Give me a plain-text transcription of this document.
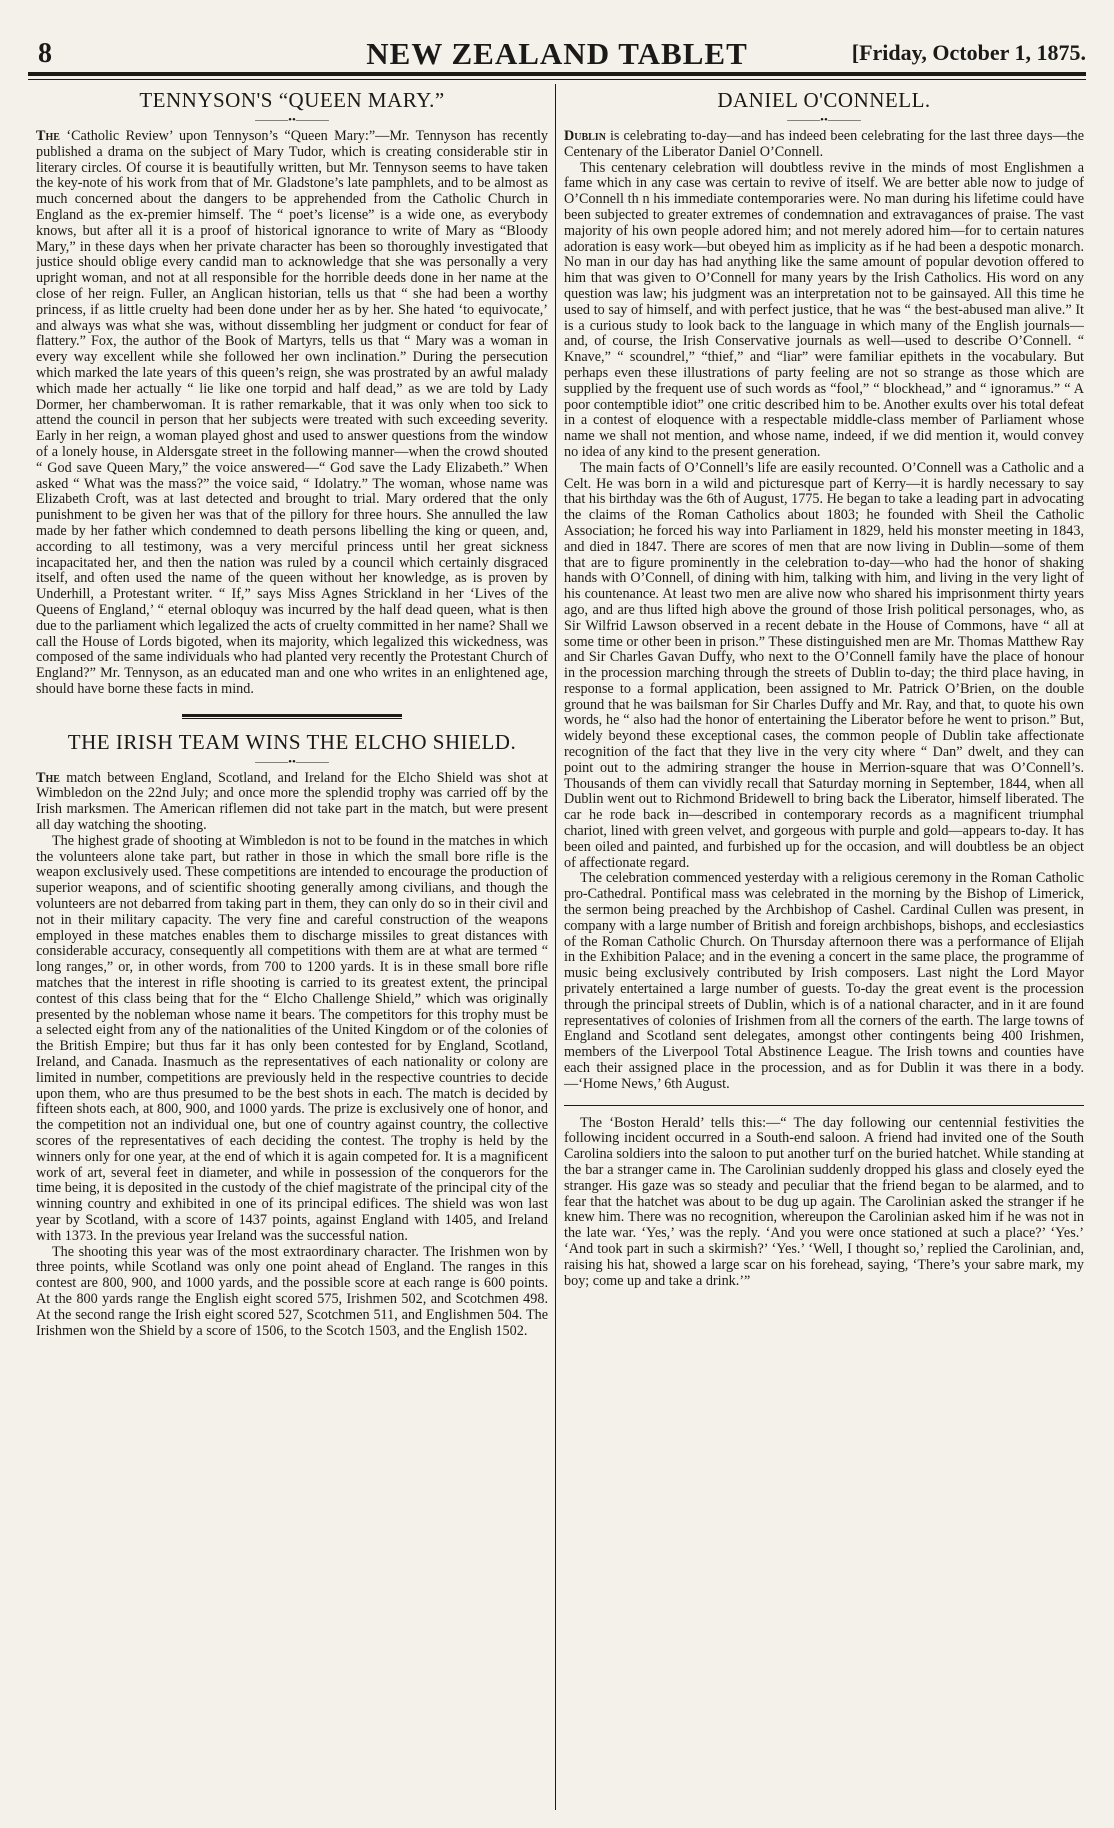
8	NEW ZEALAND TABLET	[Friday, October 1, 1875.
TENNYSON'S “QUEEN MARY.”
———••———

The ‘Catholic Review’ upon Tennyson’s “Queen Mary:”—Mr. Tennyson has recently published a drama on the subject of Mary Tudor, which is creating considerable stir in literary circles. Of course it is beautifully written, but Mr. Tennyson seems to have taken the key-note of his work from that of Mr. Gladstone’s late pamphlets, and to be almost as much concerned about the dangers to be apprehended from the Catholic Church in England as the ex-premier himself. The “ poet’s license” is a wide one, as everybody knows, but after all it is a proof of historical ignorance to write of Mary as “Bloody Mary,” in these days when her private character has been so thoroughly investigated that justice should oblige every candid man to acknowledge that she was personally a very upright woman, and not at all responsible for the horrible deeds done in her name at the close of her reign. Fuller, an Anglican historian, tells us that “ she had been a worthy princess, if as little cruelty had been done under her as by her. She hated ‘to equivocate,’ and always was what she was, without dissembling her judgment or conduct for fear of flattery.” Fox, the author of the Book of Martyrs, tells us that “ Mary was a woman in every way excellent while she followed her own inclination.” During the persecution which marked the late years of this queen’s reign, she was prostrated by an awful malady which made her actually “ lie like one torpid and half dead,” as we are told by Lady Dormer, her chamberwoman. It is rather remarkable, that it was only when too sick to attend the council in person that her subjects were treated with such exceeding severity. Early in her reign, a woman played ghost and used to answer questions from the window of a lonely house, in Aldersgate street in the following manner—when the crowd shouted “ God save Queen Mary,” the voice answered—“ God save the Lady Elizabeth.” When asked “ What was the mass?” the voice said, “ Idolatry.” The woman, whose name was Elizabeth Croft, was at last detected and brought to trial. Mary ordered that the only punishment to be given her was that of the pillory for three hours. She annulled the law made by her father which condemned to death persons libelling the king or queen, and, according to all testimony, was a very merciful princess until her great sickness incapacitated her, and then the nation was ruled by a council which certainly disgraced itself, and often used the name of the queen without her knowledge, as is proven by Underhill, a Protestant writer. “ If,” says Miss Agnes Strickland in her ‘Lives of the Queens of England,’ “ eternal obloquy was incurred by the half dead queen, what is then due to the parliament which legalized the acts of cruelty committed in her name? Shall we call the House of Lords bigoted, when its majority, which legalized this wickedness, was composed of the same individuals who had planted very recently the Protestant Church of England?” Mr. Tennyson, as an educated man and one who writes in an enlightened age, should have borne these facts in mind.

THE IRISH TEAM WINS THE ELCHO SHIELD.
———••———

The match between England, Scotland, and Ireland for the Elcho Shield was shot at Wimbledon on the 22nd July; and once more the splendid trophy was carried off by the Irish marksmen. The American riflemen did not take part in the match, but were present all day watching the shooting.

The highest grade of shooting at Wimbledon is not to be found in the matches in which the volunteers alone take part, but rather in those in which the small bore rifle is the weapon exclusively used. These competitions are intended to encourage the production of superior weapons, and of scientific shooting generally among civilians, and though the volunteers are not debarred from taking part in them, they can only do so in their civil and not in their military capacity. The very fine and careful construction of the weapons employed in these matches enables them to discharge missiles to great distances with considerable accuracy, consequently all competitions with them are at what are termed “ long ranges,” or, in other words, from 700 to 1200 yards. It is in these small bore rifle matches that the interest in rifle shooting is carried to its greatest extent, the principal contest of this class being that for the “ Elcho Challenge Shield,” which was originally presented by the nobleman whose name it bears. The competitors for this trophy must be a selected eight from any of the nationalities of the United Kingdom or of the colonies of the British Empire; but thus far it has only been contested for by England, Scotland, Ireland, and Canada. Inasmuch as the representatives of each nationality or colony are limited in number, competitions are previously held in the respective countries to decide upon them, who are thus presumed to be the best shots in each. The match is decided by fifteen shots each, at 800, 900, and 1000 yards. The prize is exclusively one of honor, and the competition not an individual one, but one of country against country, the collective scores of the representatives of each deciding the contest. The trophy is held by the winners only for one year, at the end of which it is again competed for. It is a magnificent work of art, several feet in diameter, and while in possession of the conquerors for the time being, it is deposited in the custody of the chief magistrate of the principal city of the winning country and exhibited in one of its principal edifices. The shield was won last year by Scotland, with a score of 1437 points, against England with 1405, and Ireland with 1373. In the previous year Ireland was the successful nation.

The shooting this year was of the most extraordinary character. The Irishmen won by three points, while Scotland was only one point ahead of England. The ranges in this contest are 800, 900, and 1000 yards, and the possible score at each range is 600 points. At the 800 yards range the English eight scored 575, Irishmen 502, and Scotchmen 498. At the second range the Irish eight scored 527, Scotchmen 511, and Englishmen 504. The Irishmen won the Shield by a score of 1506, to the Scotch 1503, and the English 1502.

DANIEL O'CONNELL.
———••———

Dublin is celebrating to-day—and has indeed been celebrating for the last three days—the Centenary of the Liberator Daniel O’Connell.

This centenary celebration will doubtless revive in the minds of most Englishmen a fame which in any case was certain to revive of itself. We are better able now to judge of O’Connell th n his immediate contemporaries were. No man during his lifetime could have been subjected to greater extremes of condemnation and extravagances of praise. The vast majority of his own people adored him; and not merely adored him—for to certain natures adoration is easy work—but obeyed him as implicity as if he had been a despotic monarch. No man in our day has had anything like the same amount of popular devotion offered to him that was given to O’Connell for many years by the Irish Catholics. His word on any question was law; his judgment was an interpretation not to be gainsayed. All this time he used to say of himself, and with perfect justice, that he was “ the best-abused man alive.” It is a curious study to look back to the language in which many of the English journals—and, of course, the Irish Conservative journals as well—used to describe O’Connell. “ Knave,” “ scoundrel,” “thief,” and “liar” were familiar epithets in the vocabulary. But perhaps even these illustrations of party feeling are not so strange as those which are supplied by the frequent use of such words as “fool,” “ blockhead,” and “ ignoramus.” “ A poor contemptible idiot” one critic described him to be. Another exults over his total defeat in a contest of eloquence with a respectable middle-class member of Parliament whose name we shall not mention, and whose name, indeed, if we did mention it, would convey no idea of any kind to the present generation.

The main facts of O’Connell’s life are easily recounted. O’Connell was a Catholic and a Celt. He was born in a wild and picturesque part of Kerry—it is hardly necessary to say that his birthday was the 6th of August, 1775. He began to take a leading part in advocating the claims of the Roman Catholics about 1803; he founded with Sheil the Catholic Association; he forced his way into Parliament in 1829, held his monster meeting in 1843, and died in 1847. There are scores of men that are now living in Dublin—some of them that are to figure prominently in the celebration to-day—who had the honor of shaking hands with O’Connell, of dining with him, talking with him, and living in the very light of his countenance. At least two men are alive now who shared his imprisonment thirty years ago, and are thus lifted high above the ground of those Irish political personages, who, as Sir Wilfrid Lawson observed in a recent debate in the House of Commons, have “ all at some time or other been in prison.” These distinguished men are Mr. Thomas Matthew Ray and Sir Charles Gavan Duffy, who next to the O’Connell family have the place of honour in the procession marching through the streets of Dublin to-day; the third place having, in response to a formal application, been assigned to Mr. Patrick O’Brien, on the double ground that he was bailsman for Sir Charles Duffy and Mr. Ray, and that, to quote his own words, he “ also had the honor of entertaining the Liberator before he went to prison.” But, widely beyond these exceptional cases, the common people of Dublin take affectionate recognition of the fact that they live in the very city where “ Dan” dwelt, and they can point out to the admiring stranger the house in Merrion-square that was O’Connell’s. Thousands of them can vividly recall that Saturday morning in September, 1844, when all Dublin went out to Richmond Bridewell to bring back the Liberator, himself liberated. The car he rode back in—described in contemporary records as a magnificent triumphal chariot, lined with green velvet, and gorgeous with purple and gold—appears to-day. It has been oiled and painted, and furbished up for the occasion, and will doubtless be an object of affectionate regard.

The celebration commenced yesterday with a religious ceremony in the Roman Catholic pro-Cathedral. Pontifical mass was celebrated in the morning by the Bishop of Limerick, the sermon being preached by the Archbishop of Cashel. Cardinal Cullen was present, in company with a large number of British and foreign archbishops, bishops, and ecclesiastics of the Roman Catholic Church. On Thursday afternoon there was a performance of Elijah in the Exhibition Palace; and in the evening a concert in the same place, the programme of music being exclusively contributed by Irish composers. Last night the Lord Mayor privately entertained a large number of guests. To-day the great event is the procession through the principal streets of Dublin, which is of a national character, and in it are found representatives of colonies of Irishmen from all the corners of the earth. The large towns of England and Scotland sent delegates, amongst other contingents being 400 Irishmen, members of the Liverpool Total Abstinence League. The Irish towns and counties have each their assigned place in the procession, and as for Dublin it was there in a body.—‘Home News,’ 6th August.

The ‘Boston Herald’ tells this:—“ The day following our centennial festivities the following incident occurred in a South-end saloon. A friend had invited one of the South Carolina soldiers into the saloon to put another turf on the buried hatchet. While standing at the bar a stranger came in. The Carolinian suddenly dropped his glass and closely eyed the stranger. His gaze was so steady and peculiar that the friend began to be alarmed, and to fear that the hatchet was about to be dug up again. The Carolinian asked the stranger if he knew him. There was no recognition, whereupon the Carolinian asked him if he was not in the late war. ‘Yes,’ was the reply. ‘And you were once stationed at such a place?’ ‘Yes.’ ‘And took part in such a skirmish?’ ‘Yes.’ ‘Well, I thought so,’ replied the Carolinian, and, raising his hat, showed a large scar on his forehead, saying, ‘There’s your sabre mark, my boy; come up and take a drink.’”
